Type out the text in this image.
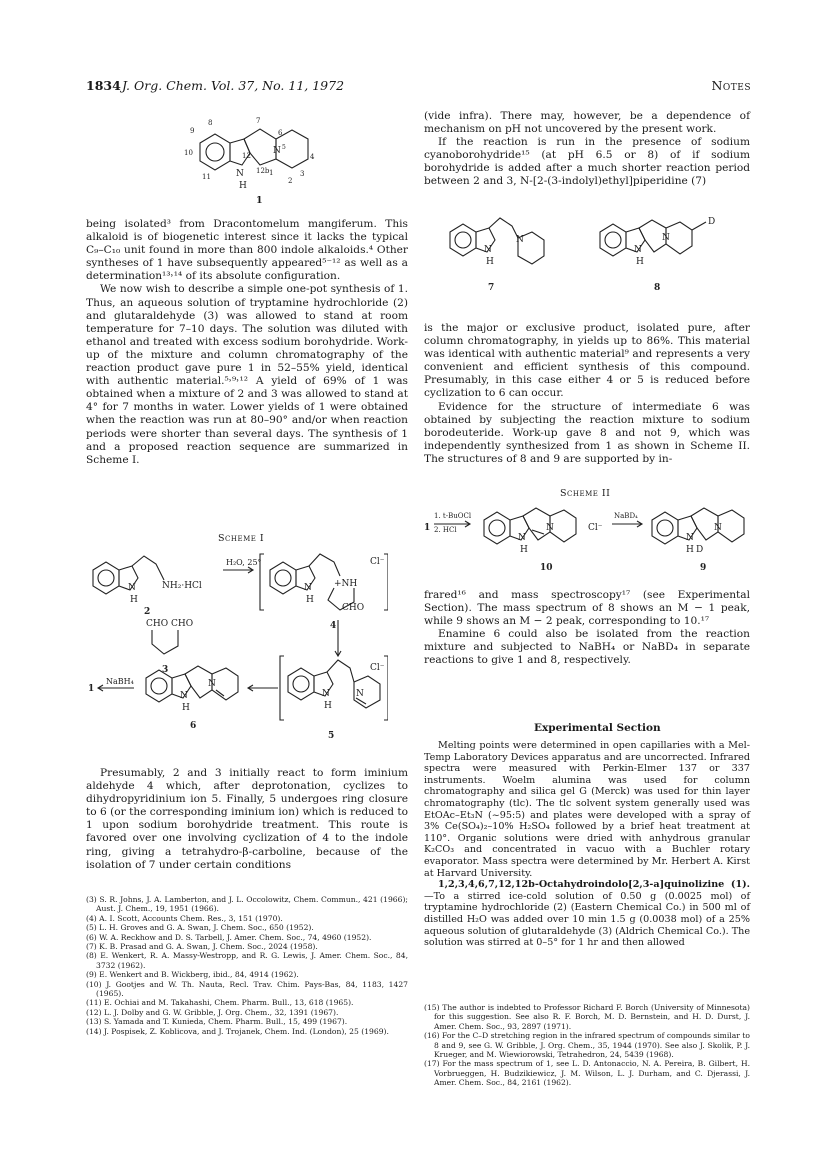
1834 J. Org. Chem. Vol. 37, No. 11, 1972	Notes
9
8
10
11	N
H
12
12b
7
6
N 5
4
3
2
1
1

being isolated³ from Dracontomelum mangiferum. This alkaloid is of biogenetic interest since it lacks the typical C₉–C₁₀ unit found in more than 800 indole alkaloids.⁴ Other syntheses of 1 have subsequently appeared⁵⁻¹² as well as a determination¹³˒¹⁴ of its absolute configuration.

We now wish to describe a simple one-pot synthesis of 1. Thus, an aqueous solution of tryptamine hydrochloride (2) and glutaraldehyde (3) was allowed to stand at room temperature for 7–10 days. The solution was diluted with ethanol and treated with excess sodium borohydride. Work-up of the mixture and column chromatography of the reaction product gave pure 1 in 52–55% yield, identical with authentic material.⁵˒⁹˒¹² A yield of 69% of 1 was obtained when a mixture of 2 and 3 was allowed to stand at 4° for 7 months in water. Lower yields of 1 were obtained when the reaction was run at 80–90° and/or when reaction periods were shorter than several days. The synthesis of 1 and a proposed reaction sequence are summarized in Scheme I.

Scheme I
N
H
NH₂·HCl
2
CHO CHO
3
H₂O, 25°
N
H
+NH
CHO
Cl⁻
4
N
H
N
Cl⁻
5
N
H
N
6
1
NaBH₄

Presumably, 2 and 3 initially react to form iminium aldehyde 4 which, after deprotonation, cyclizes to dihydropyridinium ion 5. Finally, 5 undergoes ring closure to 6 (or the corresponding iminium ion) which is reduced to 1 upon sodium borohydride treatment. This route is favored over one involving cyclization of 4 to the indole ring, giving a tetrahydro-β-carboline, because of the isolation of 7 under certain conditions

(3) S. R. Johns, J. A. Lamberton, and J. L. Occolowitz, Chem. Commun., 421 (1966); Aust. J. Chem., 19, 1951 (1966).

(4) A. I. Scott, Accounts Chem. Res., 3, 151 (1970).

(5) L. H. Groves and G. A. Swan, J. Chem. Soc., 650 (1952).

(6) W. A. Reckhow and D. S. Tarbell, J. Amer. Chem. Soc., 74, 4960 (1952).

(7) K. B. Prasad and G. A. Swan, J. Chem. Soc., 2024 (1958).

(8) E. Wenkert, R. A. Massy-Westropp, and R. G. Lewis, J. Amer. Chem. Soc., 84, 3732 (1962).

(9) E. Wenkert and B. Wickberg, ibid., 84, 4914 (1962).

(10) J. Gootjes and W. Th. Nauta, Recl. Trav. Chim. Pays-Bas, 84, 1183, 1427 (1965).

(11) E. Ochiai and M. Takahashi, Chem. Pharm. Bull., 13, 618 (1965).

(12) L. J. Dolby and G. W. Gribble, J. Org. Chem., 32, 1391 (1967).

(13) S. Yamada and T. Kunieda, Chem. Pharm. Bull., 15, 499 (1967).

(14) J. Pospisek, Z. Koblicova, and J. Trojanek, Chem. Ind. (London), 25 (1969).

(vide infra). There may, however, be a dependence of mechanism on pH not uncovered by the present work.

If the reaction is run in the presence of sodium cyanoborohydride¹⁵ (at pH 6.5 or 8) of if sodium borohydride is added after a much shorter reaction period between 2 and 3, N-[2-(3-indolyl)ethyl]piperidine (7)

N
H
N
N
H
N
D
7	8

is the major or exclusive product, isolated pure, after column chromatography, in yields up to 86%. This material was identical with authentic material⁹ and represents a very convenient and efficient synthesis of this compound. Presumably, in this case either 4 or 5 is reduced before cyclization to 6 can occur.

Evidence for the structure of intermediate 6 was obtained by subjecting the reaction mixture to sodium borodeuteride. Work-up gave 8 and not 9, which was independently synthesized from 1 as shown in Scheme II. The structures of 8 and 9 are supported by in-

Scheme II
1
1. t-BuOCl
2. HCl
N
H
N	Cl⁻
10
NaBD₄
N
H D
N
9

frared¹⁶ and mass spectroscopy¹⁷ (see Experimental Section). The mass spectrum of 8 shows an M − 1 peak, while 9 shows an M − 2 peak, corresponding to 10.¹⁷

Enamine 6 could also be isolated from the reaction mixture and subjected to NaBH₄ or NaBD₄ in separate reactions to give 1 and 8, respectively.

Experimental Section

Melting points were determined in open capillaries with a Mel-Temp Laboratory Devices apparatus and are uncorrected. Infrared spectra were measured with Perkin-Elmer 137 or 337 instruments. Woelm alumina was used for column chromatography and silica gel G (Merck) was used for thin layer chromatography (tlc). The tlc solvent system generally used was EtOAc–Et₃N (~95:5) and plates were developed with a spray of 3% Ce(SO₄)₂–10% H₂SO₄ followed by a brief heat treatment at 110°. Organic solutions were dried with anhydrous granular K₂CO₃ and concentrated in vacuo with a Buchler rotary evaporator. Mass spectra were determined by Mr. Herbert A. Kirst at Harvard University.

1,2,3,4,6,7,12,12b-Octahydroindolo[2,3-a]quinolizine (1).—To a stirred ice-cold solution of 0.50 g (0.0025 mol) of tryptamine hydrochloride (2) (Eastern Chemical Co.) in 500 ml of distilled H₂O was added over 10 min 1.5 g (0.0038 mol) of a 25% aqueous solution of glutaraldehyde (3) (Aldrich Chemical Co.). The solution was stirred at 0–5° for 1 hr and then allowed

(15) The author is indebted to Professor Richard F. Borch (University of Minnesota) for this suggestion. See also R. F. Borch, M. D. Bernstein, and H. D. Durst, J. Amer. Chem. Soc., 93, 2897 (1971).

(16) For the C–D stretching region in the infrared spectrum of compounds similar to 8 and 9, see G. W. Gribble, J. Org. Chem., 35, 1944 (1970). See also J. Skolik, P. J. Krueger, and M. Wiewiorowski, Tetrahedron, 24, 5439 (1968).

(17) For the mass spectrum of 1, see L. D. Antonaccio, N. A. Pereira, B. Gilbert, H. Vorbrueggen, H. Budzikiewicz, J. M. Wilson, L. J. Durham, and C. Djerassi, J. Amer. Chem. Soc., 84, 2161 (1962).
